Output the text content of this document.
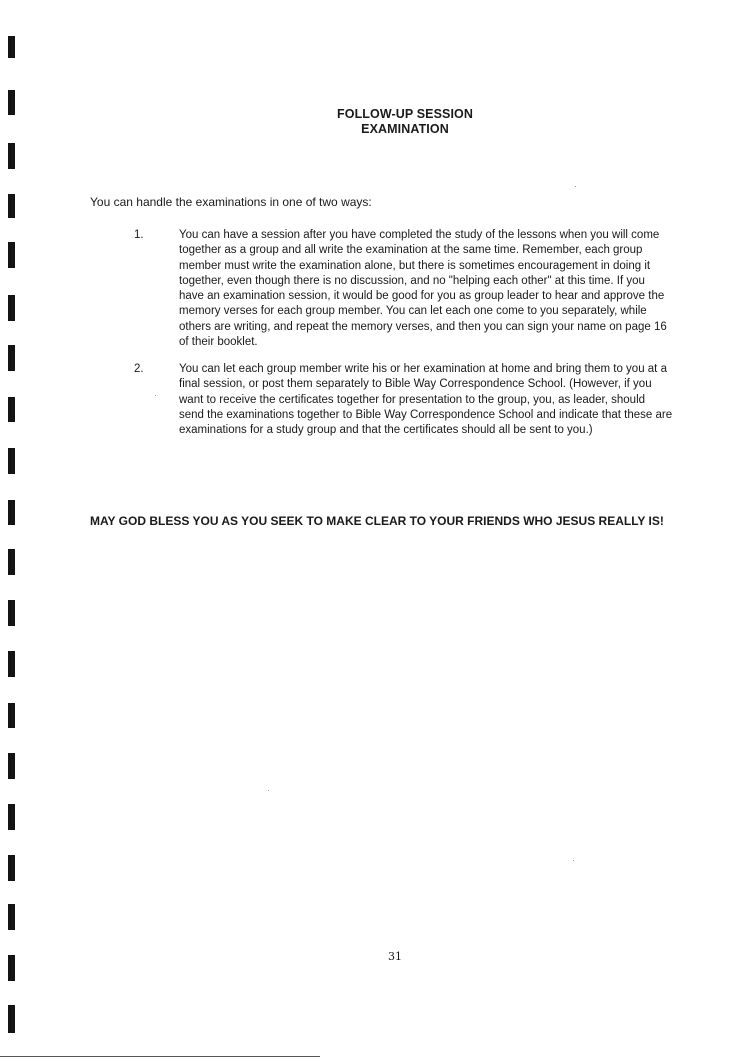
FOLLOW-UP SESSION
EXAMINATION
You can handle the examinations in one of two ways:
1.	You can have a session after you have completed the study of the lessons when you will come

together as a group and all write the examination at the same time. Remember, each group

member must write the examination alone, but there is sometimes encouragement in doing it

together, even though there is no discussion, and no "helping each other" at this time. If you

have an examination session, it would be good for you as group leader to hear and approve the

memory verses for each group member. You can let each one come to you separately, while

others are writing, and repeat the memory verses, and then you can sign your name on page 16

of their booklet.

2.	You can let each group member write his or her examination at home and bring them to you at a

final session, or post them separately to Bible Way Correspondence School. (However, if you

want to receive the certificates together for presentation to the group, you, as leader, should

send the examinations together to Bible Way Correspondence School and indicate that these are

examinations for a study group and that the certificates should all be sent to you.)

MAY GOD BLESS YOU AS YOU SEEK TO MAKE CLEAR TO YOUR FRIENDS WHO JESUS REALLY IS!
31
